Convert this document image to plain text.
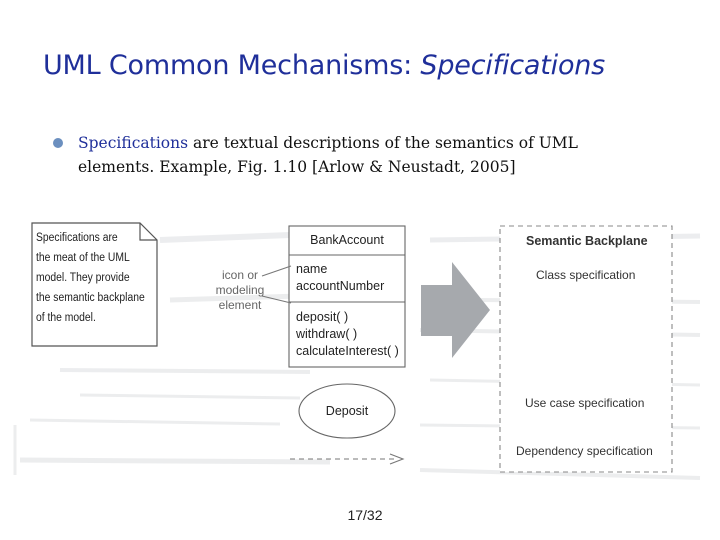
UML Common Mechanisms: Specifications
Specifications are textual descriptions of the semantics of UML
elements. Example, Fig. 1.10 [Arlow & Neustadt, 2005]
Specifications are
the meat of the UML
model. They provide
the semantic backplane
of the model.
BankAccount
name
accountNumber
deposit( )
withdraw( )
calculateInterest( )
icon or
modeling
element
Deposit
Semantic Backplane
Class specification
Use case specification
Dependency specification
17/32
